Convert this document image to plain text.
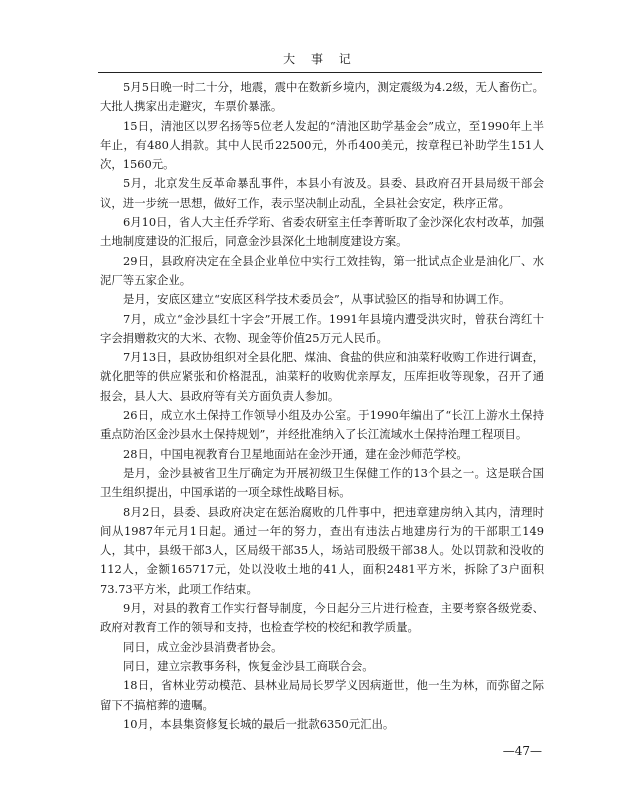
大 事 记

5月5日晚一时二十分，地震，震中在数新乡境内，测定震级为4.2级，无人畜伤亡。大批人携家出走避灾，车票价暴涨。

15日，清池区以罗名扬等5位老人发起的“清池区助学基金会”成立，至1990年上半年止，有480人捐款。其中人民币22500元，外币400美元，按章程已补助学生151人次，1560元。

5月，北京发生反革命暴乱事件，本县小有波及。县委、县政府召开县局级干部会议，进一步统一思想，做好工作，表示坚决制止动乱，全县社会安定，秩序正常。

6月10日，省人大主任乔学珩、省委农研室主任李菁昕取了金沙深化农村改革，加强土地制度建设的汇报后，同意金沙县深化土地制度建设方案。

29日，县政府决定在全县企业单位中实行工效挂钩，第一批试点企业是油化厂、水泥厂等五家企业。

是月，安底区建立“安底区科学技术委员会”，从事试验区的指导和协调工作。

7月，成立“金沙县红十字会”开展工作。1991年县境内遭受洪灾时，曾获台湾红十字会捐赠救灾的大米、衣物、现金等价值25万元人民币。

7月13日，县政协组织对全县化肥、煤油、食盐的供应和油菜籽收购工作进行调查，就化肥等的供应紧张和价格混乱，油菜籽的收购优亲厚友，压库拒收等现象，召开了通报会，县人大、县政府等有关方面负责人参加。

26日，成立水土保持工作领导小组及办公室。于1990年编出了“长江上游水土保持重点防治区金沙县水土保持规划”，并经批准纳入了长江流域水土保持治理工程项目。

28日，中国电视教育台卫星地面站在金沙开通，建在金沙师范学校。

是月，金沙县被省卫生厅确定为开展初级卫生保健工作的13个县之一。这是联合国卫生组织提出，中国承诺的一项全球性战略目标。

8月2日，县委、县政府决定在惩治腐败的几件事中，把违章建房纳入其内，清理时间从1987年元月1日起。通过一年的努力，查出有违法占地建房行为的干部职工149人，其中，县级干部3人，区局级干部35人，场站司股级干部38人。处以罚款和没收的112人，金额165717元，处以没收土地的41人，面积2481平方米，拆除了3户面积73.73平方米，此项工作结束。

9月，对县的教育工作实行督导制度，今日起分三片进行检查，主要考察各级党委、政府对教育工作的领导和支持，也检查学校的校纪和教学质量。

同日，成立金沙县消费者协会。

同日，建立宗教事务科，恢复金沙县工商联合会。

18日，省林业劳动模范、县林业局局长罗学义因病逝世，他一生为林，而弥留之际留下不搞棺葬的遗嘱。

10月，本县集资修复长城的最后一批款6350元汇出。

—47—
